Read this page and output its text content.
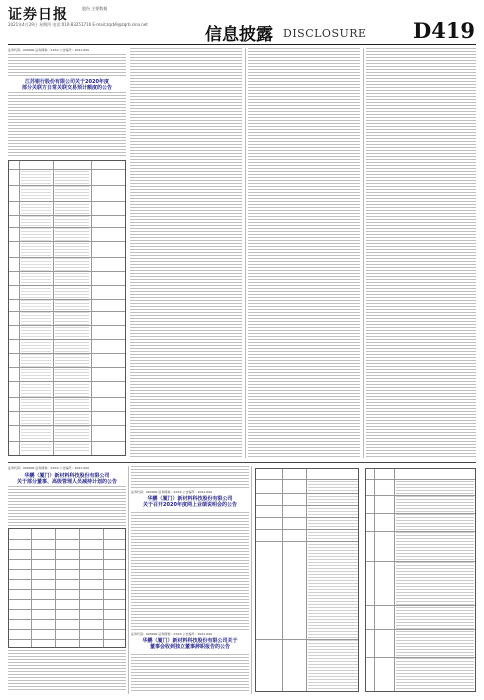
证券日报	股份 主要数据
2021年4月29日 星期四 电话:010-83251716 E-mail:zqrb9@zqrb.sina.net
信息披露 DISCLOSURE D419
证券代码：000000 证券简称：XXXX 公告编号：2021-000
江苏银行股份有限公司关于2020年度
部分关联方日常关联交易预计额度的公告
证券代码：000000 证券简称：XXXX 公告编号：2021-000
华鹏（厦门）新材料科技股份有限公司
关于部分董事、高级管理人员减持计划的公告
证券代码：000000 证券简称：XXXX 公告编号：2021-000
华鹏（厦门）新材料科技股份有限公司
关于召开2020年度网上业绩说明会的公告
证券代码：000000 证券简称：XXXX 公告编号：2021-000
华鹏（厦门）新材料科技股份有限公司关于
董事会收到独立董事辞职报告的公告
